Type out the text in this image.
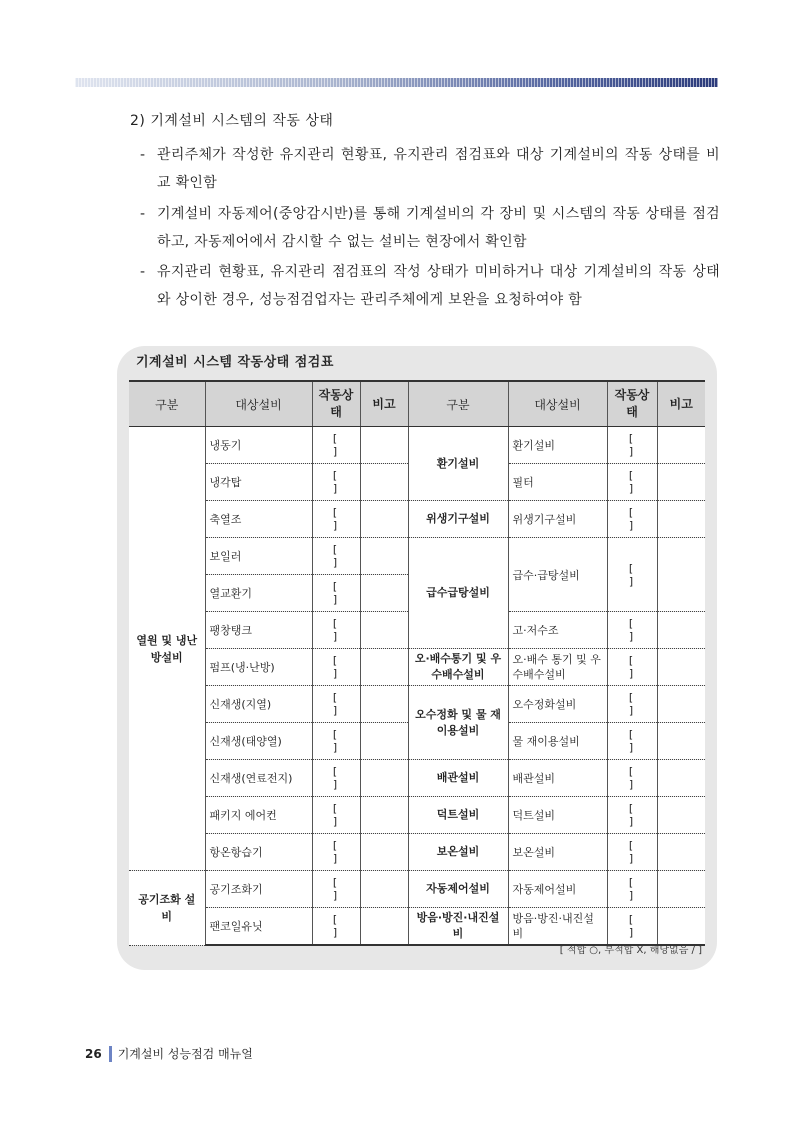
2) 기계설비 시스템의 작동 상태
- 관리주체가 작성한 유지관리 현황표, 유지관리 점검표와 대상 기계설비의 작동 상태를 비교 확인함
- 기계설비 자동제어(중앙감시반)를 통해 기계설비의 각 장비 및 시스템의 작동 상태를 점검하고, 자동제어에서 감시할 수 없는 설비는 현장에서 확인함
- 유지관리 현황표, 유지관리 점검표의 작성 상태가 미비하거나 대상 기계설비의 작동 상태와 상이한 경우, 성능점검업자는 관리주체에게 보완을 요청하여야 함
기계설비 시스템 작동상태 점검표
구분	대상설비	작동상태	비고	구분	대상설비	작동상태	비고
열원 및 냉난방설비	냉동기	[ ]		환기설비	환기설비	[ ]	
	냉각탑	[ ]			필터	[ ]	
	축열조	[ ]		위생기구설비	위생기구설비	[ ]	
	보일러	[ ]		급수급탕설비	급수·급탕설비	[ ]	
	열교환기	[ ]					
	팽창탱크	[ ]			고·저수조	[ ]	
	펌프(냉·난방)	[ ]		오·배수통기 및 우수배수설비	오·배수 통기 및 우수배수설비	[ ]	
	신재생(지열)	[ ]		오수정화 및 물 재이용설비	오수정화설비	[ ]	
	신재생(태양열)	[ ]			물 재이용설비	[ ]	
	신재생(연료전지)	[ ]		배관설비	배관설비	[ ]	
	패키지 에어컨	[ ]		덕트설비	덕트설비	[ ]	
	항온항습기	[ ]		보온설비	보온설비	[ ]	
공기조화 설비	공기조화기	[ ]		자동제어설비	자동제어설비	[ ]	
	팬코일유닛	[ ]		방음·방진·내진설비	방음·방진·내진설비	[ ]	
[ 적합 ○, 부적합 X, 해당없음 / ]
26 기계설비 성능점검 매뉴얼
